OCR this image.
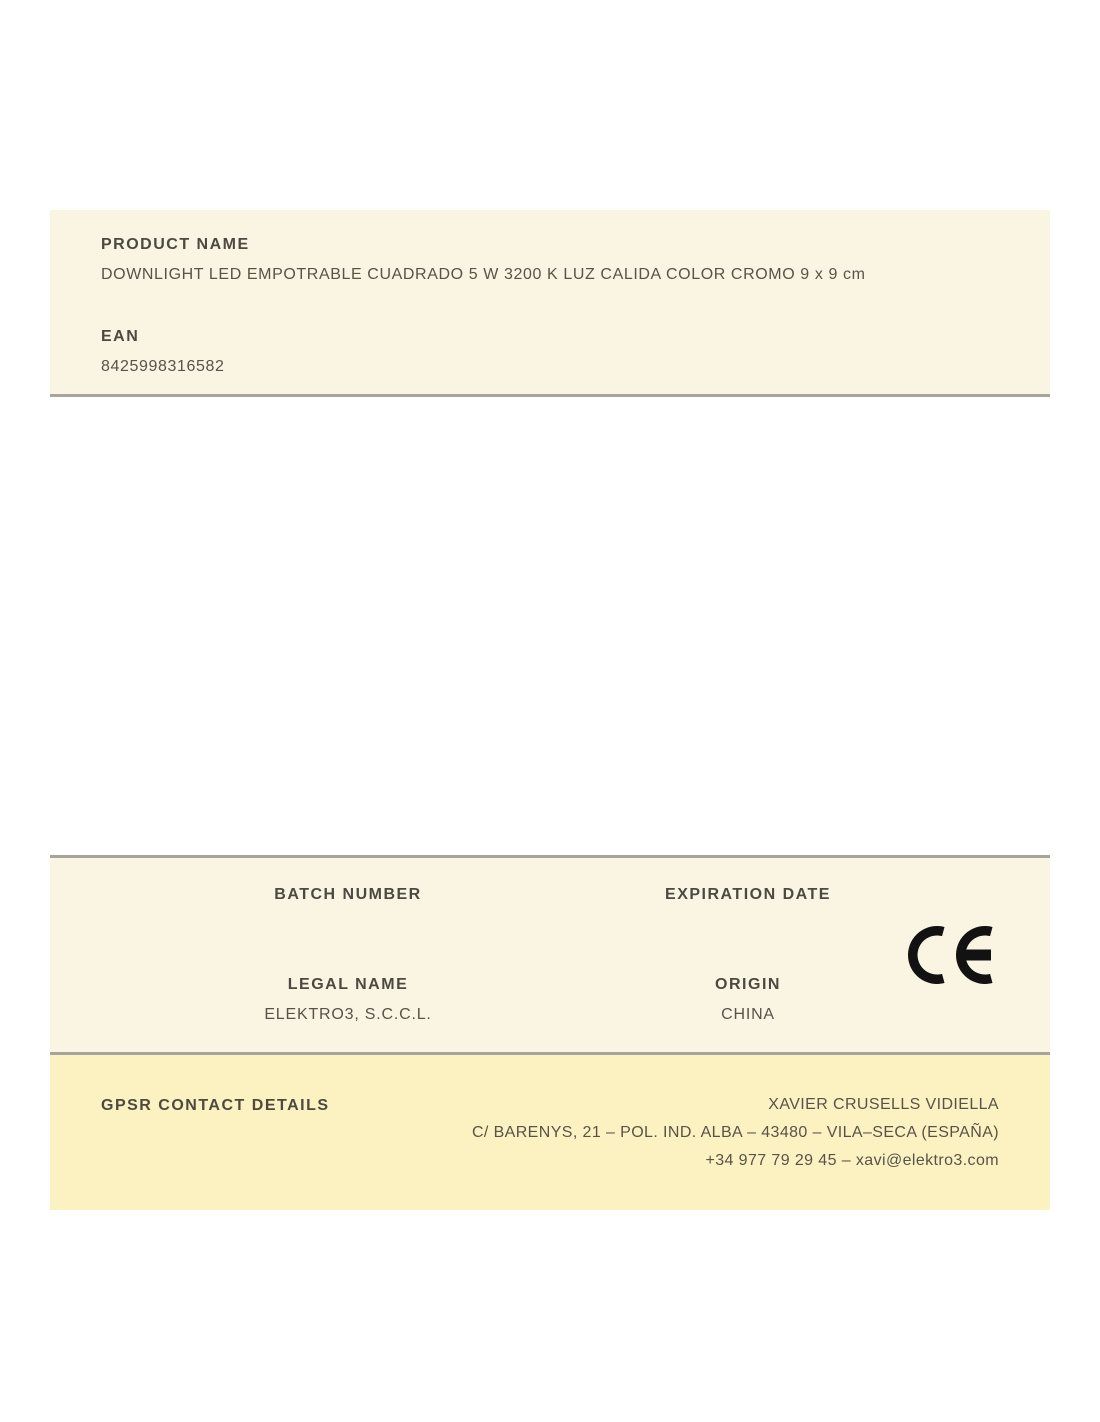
PRODUCT NAME
DOWNLIGHT LED EMPOTRABLE CUADRADO 5 W 3200 K LUZ CALIDA COLOR CROMO 9 x 9 cm
EAN
8425998316582
BATCH NUMBER	EXPIRATION DATE
LEGAL NAME
ELEKTRO3, S.C.C.L.
ORIGIN
CHINA
GPSR CONTACT DETAILS	XAVIER CRUSELLS VIDIELLA
C/ BARENYS, 21 – POL. IND. ALBA – 43480 – VILA–SECA (ESPAÑA)
+34 977 79 29 45 – xavi@elektro3.com
